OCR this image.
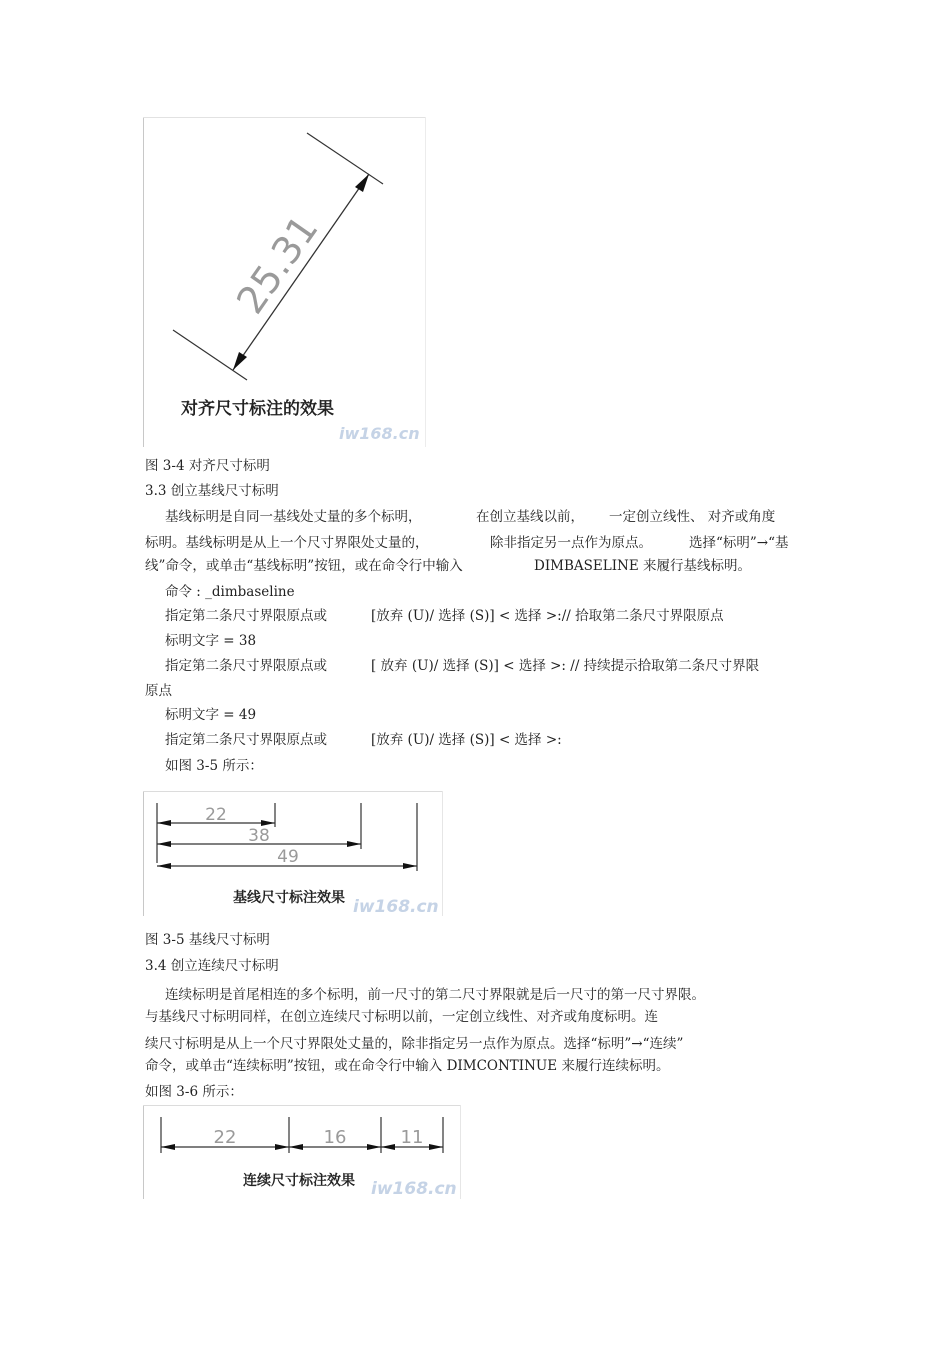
25.31
对齐尺寸标注的效果
iw168.cn
图 3-4 对齐尺寸标明
3.3 创立基线尺寸标明
基线标明是自同一基线处丈量的多个标明，	在创立基线以前， 一定创立线性、 对齐或角度
标明。基线标明是从上一个尺寸界限处丈量的，	除非指定另一点作为原点。	选择“标明”→“基
线”命令，或单击“基线标明”按钮，或在命令行中输入	DIMBASELINE 来履行基线标明。
命令 : _dimbaseline
指定第二条尺寸界限原点或	[放弃 (U)/ 选择 (S)] < 选择 >:// 拾取第二条尺寸界限原点
标明文字 = 38
指定第二条尺寸界限原点或	[ 放弃 (U)/ 选择 (S)] < 选择 >: // 持续提示拾取第二条尺寸界限
原点
标明文字 = 49
指定第二条尺寸界限原点或	[放弃 (U)/ 选择 (S)] < 选择 >:
如图 3-5 所示：
22
38
49
基线尺寸标注效果 iw168.cn
图 3-5 基线尺寸标明
3.4 创立连续尺寸标明
连续标明是首尾相连的多个标明，前一尺寸的第二尺寸界限就是后一尺寸的第一尺寸界限。
与基线尺寸标明同样，在创立连续尺寸标明以前，一定创立线性、对齐或角度标明。连
续尺寸标明是从上一个尺寸界限处丈量的，除非指定另一点作为原点。选择“标明”→“连续”
命令，或单击“连续标明”按钮，或在命令行中输入 DIMCONTINUE 来履行连续标明。
如图 3-6 所示：
22	16	11
连续尺寸标注效果 iw168.cn
